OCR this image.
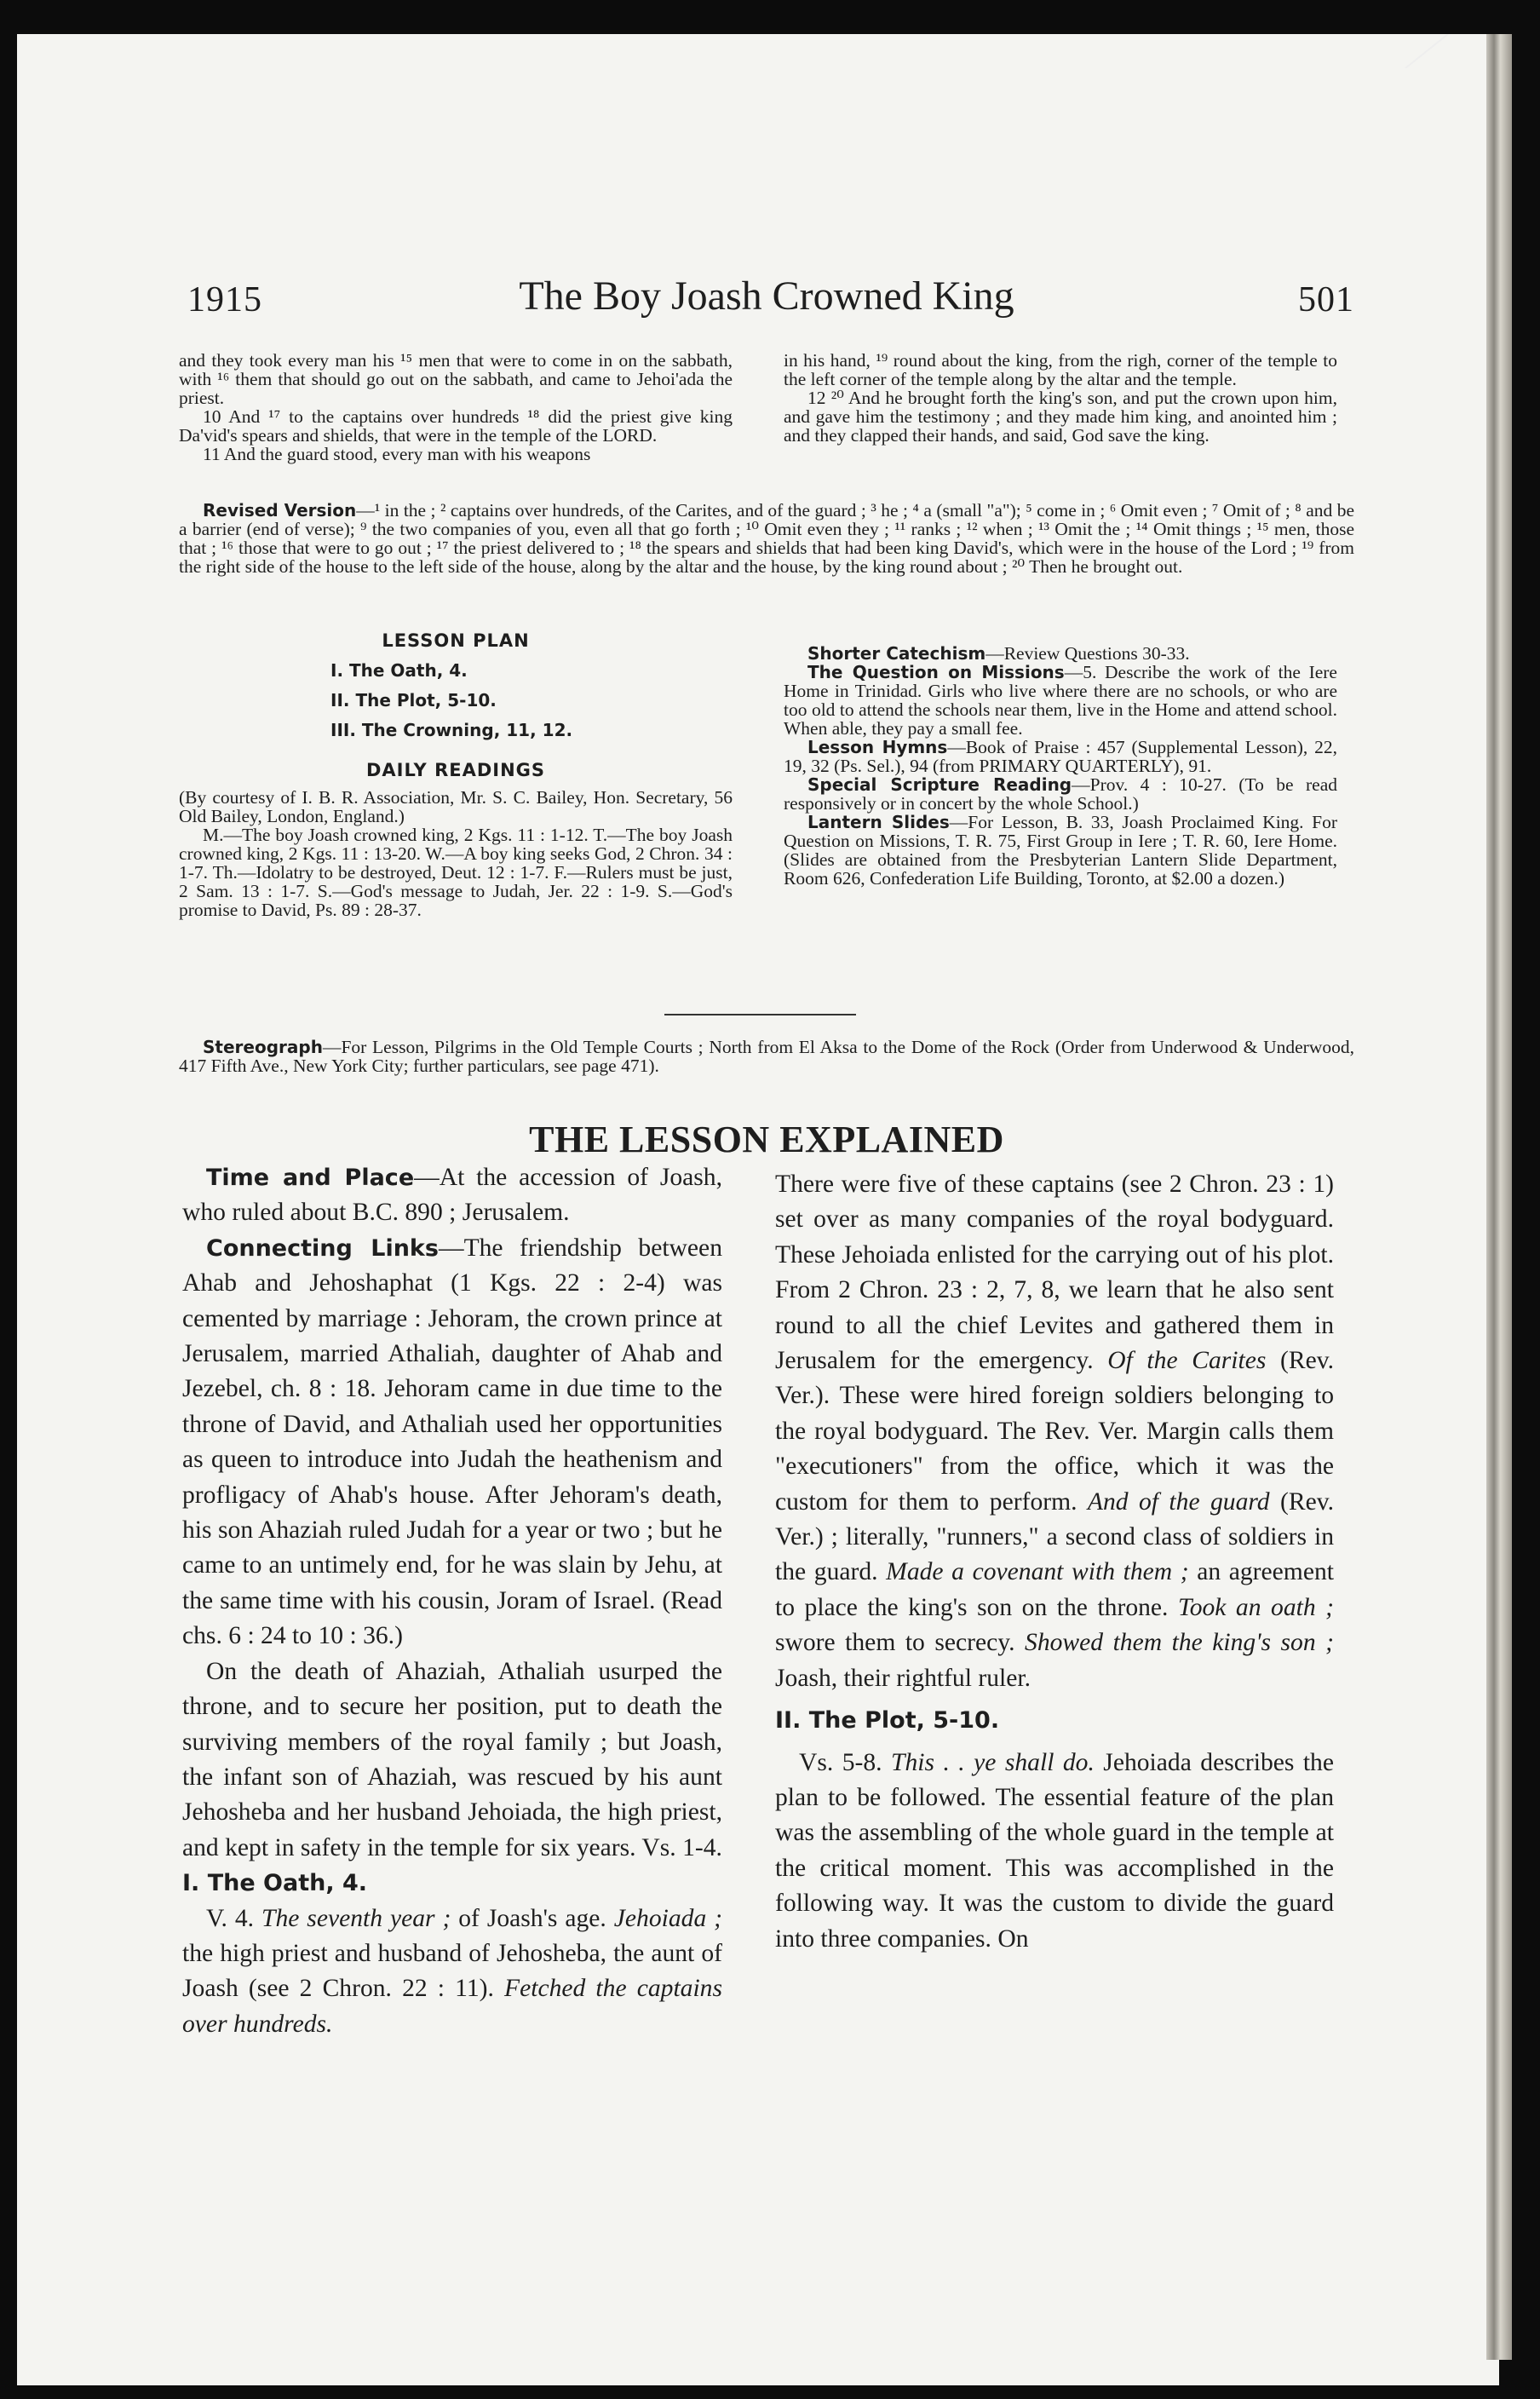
1915	The Boy Joash Crowned King	501

and they took every man his ¹⁵ men that were to come in on the sabbath, with ¹⁶ them that should go out on the sabbath, and came to Jehoi'ada the priest.

10 And ¹⁷ to the captains over hundreds ¹⁸ did the priest give king Da'vid's spears and shields, that were in the temple of the LORD.

11 And the guard stood, every man with his weapons

in his hand, ¹⁹ round about the king, from the righ, corner of the temple to the left corner of the temple along by the altar and the temple.

12 ²⁰ And he brought forth the king's son, and put the crown upon him, and gave him the testimony ; and they made him king, and anointed him ; and they clapped their hands, and said, God save the king.

Revised Version—¹ in the ; ² captains over hundreds, of the Carites, and of the guard ; ³ he ; ⁴ a (small "a"); ⁵ come in ; ⁶ Omit even ; ⁷ Omit of ; ⁸ and be a barrier (end of verse); ⁹ the two companies of you, even all that go forth ; ¹⁰ Omit even they ; ¹¹ ranks ; ¹² when ; ¹³ Omit the ; ¹⁴ Omit things ; ¹⁵ men, those that ; ¹⁶ those that were to go out ; ¹⁷ the priest delivered to ; ¹⁸ the spears and shields that had been king David's, which were in the house of the Lord ; ¹⁹ from the right side of the house to the left side of the house, along by the altar and the house, by the king round about ; ²⁰ Then he brought out.

LESSON PLAN
I. The Oath, 4.
II. The Plot, 5-10.
III. The Crowning, 11, 12.
DAILY READINGS

(By courtesy of I. B. R. Association, Mr. S. C. Bailey, Hon. Secretary, 56 Old Bailey, London, England.)

M.—The boy Joash crowned king, 2 Kgs. 11 : 1-12. T.—The boy Joash crowned king, 2 Kgs. 11 : 13-20. W.—A boy king seeks God, 2 Chron. 34 : 1-7. Th.—Idolatry to be destroyed, Deut. 12 : 1-7. F.—Rulers must be just, 2 Sam. 13 : 1-7. S.—God's message to Judah, Jer. 22 : 1-9. S.—God's promise to David, Ps. 89 : 28-37.

Shorter Catechism—Review Questions 30-33.

The Question on Missions—5. Describe the work of the Iere Home in Trinidad. Girls who live where there are no schools, or who are too old to attend the schools near them, live in the Home and attend school. When able, they pay a small fee.

Lesson Hymns—Book of Praise : 457 (Supplemental Lesson), 22, 19, 32 (Ps. Sel.), 94 (from PRIMARY QUARTERLY), 91.

Special Scripture Reading—Prov. 4 : 10-27. (To be read responsively or in concert by the whole School.)

Lantern Slides—For Lesson, B. 33, Joash Proclaimed King. For Question on Missions, T. R. 75, First Group in Iere ; T. R. 60, Iere Home. (Slides are obtained from the Presbyterian Lantern Slide Department, Room 626, Confederation Life Building, Toronto, at $2.00 a dozen.)

Stereograph—For Lesson, Pilgrims in the Old Temple Courts ; North from El Aksa to the Dome of the Rock (Order from Underwood & Underwood, 417 Fifth Ave., New York City; further particulars, see page 471).

THE LESSON EXPLAINED

Time and Place—At the accession of Joash, who ruled about B.C. 890 ; Jerusalem.

Connecting Links—The friendship between Ahab and Jehoshaphat (1 Kgs. 22 : 2-4) was cemented by marriage : Jehoram, the crown prince at Jerusalem, married Athaliah, daughter of Ahab and Jezebel, ch. 8 : 18. Jehoram came in due time to the throne of David, and Athaliah used her opportunities as queen to introduce into Judah the heathenism and profligacy of Ahab's house. After Jehoram's death, his son Ahaziah ruled Judah for a year or two ; but he came to an untimely end, for he was slain by Jehu, at the same time with his cousin, Joram of Israel. (Read chs. 6 : 24 to 10 : 36.)

On the death of Ahaziah, Athaliah usurped the throne, and to secure her position, put to death the surviving members of the royal family ; but Joash, the infant son of Ahaziah, was rescued by his aunt Jehosheba and her husband Jehoiada, the high priest, and kept in safety in the temple for six years. Vs. 1-4.

I. The Oath, 4.

V. 4. The seventh year ; of Joash's age. Jehoiada ; the high priest and husband of Jehosheba, the aunt of Joash (see 2 Chron. 22 : 11). Fetched the captains over hundreds.

There were five of these captains (see 2 Chron. 23 : 1) set over as many companies of the royal bodyguard. These Jehoiada enlisted for the carrying out of his plot. From 2 Chron. 23 : 2, 7, 8, we learn that he also sent round to all the chief Levites and gathered them in Jerusalem for the emergency. Of the Carites (Rev. Ver.). These were hired foreign soldiers belonging to the royal bodyguard. The Rev. Ver. Margin calls them "executioners" from the office, which it was the custom for them to perform. And of the guard (Rev. Ver.) ; literally, "runners," a second class of soldiers in the guard. Made a covenant with them ; an agreement to place the king's son on the throne. Took an oath ; swore them to secrecy. Showed them the king's son ; Joash, their rightful ruler.

II. The Plot, 5-10.

Vs. 5-8. This . . ye shall do. Jehoiada describes the plan to be followed. The essential feature of the plan was the assembling of the whole guard in the temple at the critical moment. This was accomplished in the following way. It was the custom to divide the guard into three companies. On
